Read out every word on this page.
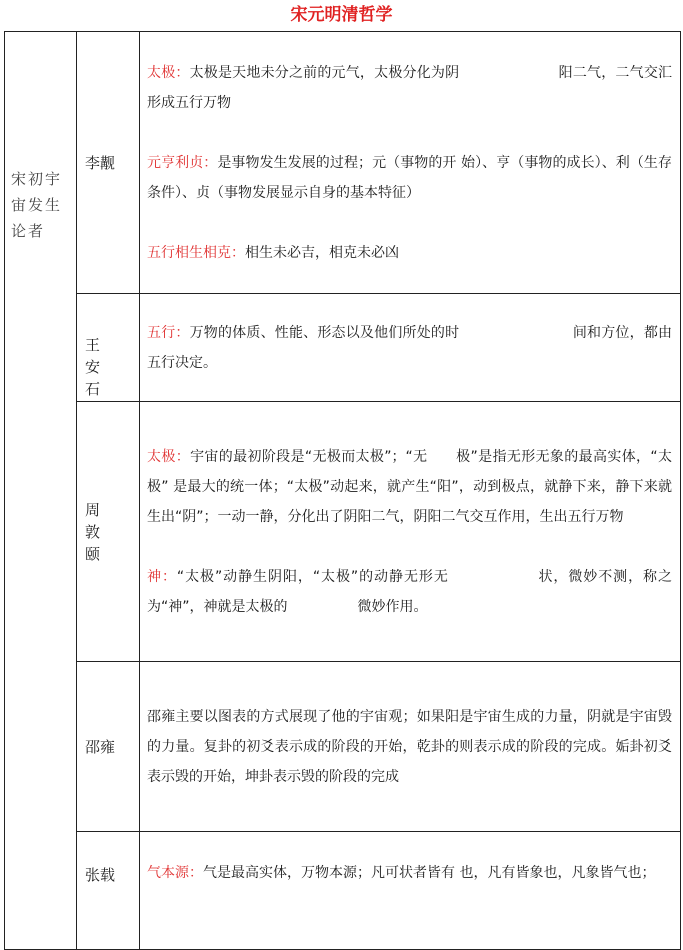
宋元明清哲学
宋初宇宙发生论者	李觏	太极：太极是天地未分之前的元气，太极分化为阴　　　　　　　阳二气，二气交汇形成五行万物

元亨利贞：是事物发生发展的过程；元（事物的开 始）、亨（事物的成长）、利（生存条件）、贞（事物发展显示自身的基本特征）

五行相生相克：相生未必吉，相克未必凶

	王安石	五行：万物的体质、性能、形态以及他们所处的时　　　　　　　　间和方位，都由五行决定。

	周敦颐	太极：宇宙的最初阶段是“无极而太极”；“无　　极”是指无形无象的最高实体，“太极” 是最大的统一体；“太极”动起来，就产生“阳”，动到极点，就静下来，静下来就生出“阴”；一动一静，分化出了阴阳二气，阴阳二气交互作用，生出五行万物

神：“太极”动静生阴阳，“太极”的动静无形无　　　　　　状，微妙不测，称之为“神”，神就是太极的　　　　　微妙作用。

	邵雍	邵雍主要以图表的方式展现了他的宇宙观；如果阳是宇宙生成的力量，阴就是宇宙毁的力量。复卦的初爻表示成的阶段的开始，乾卦的则表示成的阶段的完成。姤卦初爻表示毁的开始，坤卦表示毁的阶段的完成

	张载	气本源：气是最高实体，万物本源；凡可状者皆有 也，凡有皆象也，凡象皆气也；
